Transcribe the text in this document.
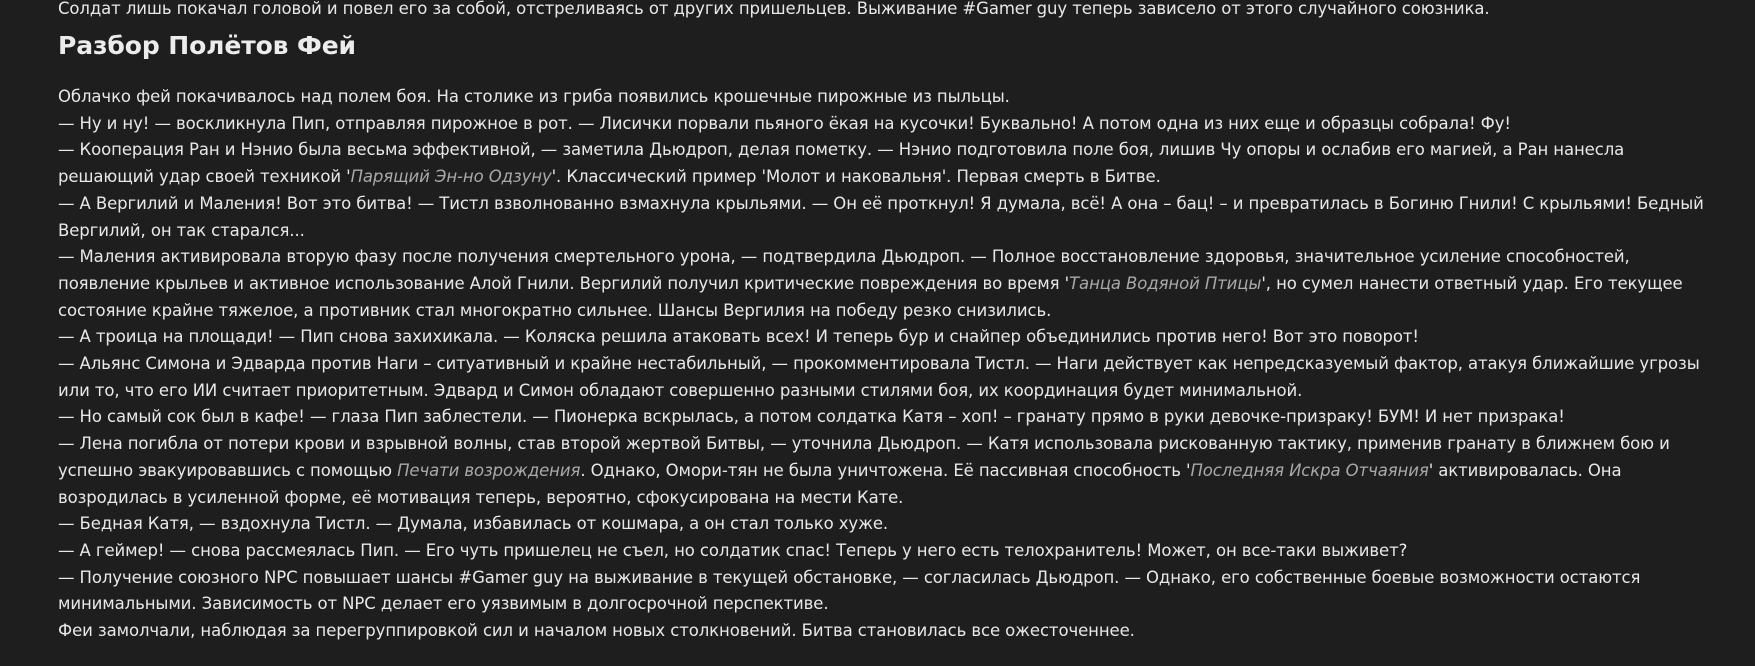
Солдат лишь покачал головой и повел его за собой, отстреливаясь от других пришельцев. Выживание #Gamer guy теперь зависело от этого случайного союзника.

Разбор Полётов Фей

Облачко фей покачивалось над полем боя. На столике из гриба появились крошечные пирожные из пыльцы.

— Ну и ну! — воскликнула Пип, отправляя пирожное в рот. — Лисички порвали пьяного ёкая на кусочки! Буквально! А потом одна из них еще и образцы собрала! Фу!

— Кооперация Ран и Нэнио была весьма эффективной, — заметила Дьюдроп, делая пометку. — Нэнио подготовила поле боя, лишив Чу опоры и ослабив его магией, а Ран нанесла решающий удар своей техникой 'Парящий Эн-но Одзуну'. Классический пример 'Молот и наковальня'. Первая смерть в Битве.

— А Вергилий и Маления! Вот это битва! — Тистл взволнованно взмахнула крыльями. — Он её проткнул! Я думала, всё! А она – бац! – и превратилась в Богиню Гнили! С крыльями! Бедный Вергилий, он так старался...

— Маления активировала вторую фазу после получения смертельного урона, — подтвердила Дьюдроп. — Полное восстановление здоровья, значительное усиление способностей, появление крыльев и активное использование Алой Гнили. Вергилий получил критические повреждения во время 'Танца Водяной Птицы', но сумел нанести ответный удар. Его текущее состояние крайне тяжелое, а противник стал многократно сильнее. Шансы Вергилия на победу резко снизились.

— А троица на площади! — Пип снова захихикала. — Коляска решила атаковать всех! И теперь бур и снайпер объединились против него! Вот это поворот!

— Альянс Симона и Эдварда против Наги – ситуативный и крайне нестабильный, — прокомментировала Тистл. — Наги действует как непредсказуемый фактор, атакуя ближайшие угрозы или то, что его ИИ считает приоритетным. Эдвард и Симон обладают совершенно разными стилями боя, их координация будет минимальной.

— Но самый сок был в кафе! — глаза Пип заблестели. — Пионерка вскрылась, а потом солдатка Катя – хоп! – гранату прямо в руки девочке-призраку! БУМ! И нет призрака!

— Лена погибла от потери крови и взрывной волны, став второй жертвой Битвы, — уточнила Дьюдроп. — Катя использовала рискованную тактику, применив гранату в ближнем бою и успешно эвакуировавшись с помощью Печати возрождения. Однако, Омори-тян не была уничтожена. Её пассивная способность 'Последняя Искра Отчаяния' активировалась. Она возродилась в усиленной форме, её мотивация теперь, вероятно, сфокусирована на мести Кате.

— Бедная Катя, — вздохнула Тистл. — Думала, избавилась от кошмара, а он стал только хуже.

— А геймер! — снова рассмеялась Пип. — Его чуть пришелец не съел, но солдатик спас! Теперь у него есть телохранитель! Может, он все-таки выживет?

— Получение союзного NPC повышает шансы #Gamer guy на выживание в текущей обстановке, — согласилась Дьюдроп. — Однако, его собственные боевые возможности остаются минимальными. Зависимость от NPC делает его уязвимым в долгосрочной перспективе.

Феи замолчали, наблюдая за перегруппировкой сил и началом новых столкновений. Битва становилась все ожесточеннее.
